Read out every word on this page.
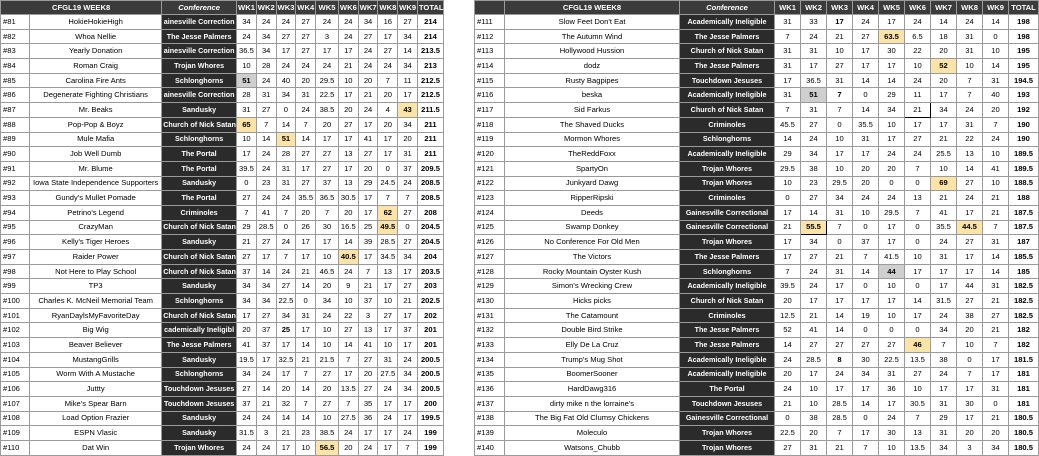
CFGL19 WEEK8		Conference	WK1	WK2	WK3	WK4	WK5	WK6	WK7	WK8	WK9	TOTAL
#81	HokieHokieHigh	ainesville Correction	34	24	24	27	24	24	34	16	27	214
#82	Whoa Nellie	The Jesse Palmers	24	34	27	27	3	24	27	17	34	214
#83	Yearly Donation	ainesville Correction	36.5	34	17	27	17	17	24	27	14	213.5
#84	Roman Craig	Trojan Whores	10	28	24	24	24	21	24	24	34	213
#85	Carolina Fire Ants	Schlonghorns	51	24	40	20	29.5	10	20	7	11	212.5
#86	Degenerate Fighting Christians	ainesville Correction	28	31	34	31	22.5	17	21	20	17	212.5
#87	Mr. Beaks	Sandusky	31	27	0	24	38.5	20	24	4	43	211.5
#88	Pop-Pop & Boyz	Church of Nick Satan	65	7	14	7	20	27	17	20	34	211
#89	Mule Mafia	Schlonghorns	10	14	51	14	17	17	41	17	20	211
#90	Job Well Dumb	The Portal	17	24	28	27	27	13	27	17	31	211
#91	Mr. Blume	The Portal	39.5	24	31	17	27	17	20	0	37	209.5
#92	Iowa State Independence Supporters	Sandusky	0	23	31	27	37	13	29	24.5	24	208.5
#93	Gundy's Mullet Pomade	The Portal	27	24	24	35.5	36.5	30.5	17	7	7	208.5
#94	Petrino's Legend	Criminoles	7	41	7	20	7	20	17	62	27	208
#95	CrazyMan	Church of Nick Satan	29	28.5	0	26	30	16.5	25	49.5	0	204.5
#96	Kelly's Tiger Heroes	Sandusky	21	27	24	17	17	14	39	28.5	27	204.5
#97	Raider Power	Church of Nick Satan	27	17	7	17	10	40.5	17	34.5	34	204
#98	Not Here to Play School	Church of Nick Satan	37	14	24	21	46.5	24	7	13	17	203.5
#99	TP3	Sandusky	34	34	27	14	20	9	21	17	27	203
#100	Charles K. McNeil Memorial Team	Schlonghorns	34	34	22.5	0	34	10	37	10	21	202.5
#101	RyanDaylsMyFavoriteDay	Church of Nick Satan	17	27	34	31	24	22	3	27	17	202
#102	Big Wig	cademically Ineligibl	20	37	25	17	10	27	13	17	37	201
#103	Beaver Believer	The Jesse Palmers	41	37	17	14	10	14	41	10	17	201
#104	MustangGrills	Sandusky	19.5	17	32.5	21	21.5	7	27	31	24	200.5
#105	Worm With A Mustache	Schlonghorns	34	24	17	7	27	17	20	27.5	34	200.5
#106	Juttty	Touchdown Jesuses	27	14	20	14	20	13.5	27	24	34	200.5
#107	Mike's Spear Barn	Touchdown Jesuses	37	21	32	7	27	7	35	17	17	200
#108	Load Option Frazier	Sandusky	24	24	14	14	10	27.5	36	24	17	199.5
#109	ESPN Vlasic	Sandusky	31.5	3	21	23	38.5	24	17	17	24	199
#110	Dat Win	Trojan Whores	24	24	17	10	56.5	20	24	17	7	199
	CFGL19 WEEK8	Conference	WK1	WK2	WK3	WK4	WK5	WK6	WK7	WK8	WK9	TOTAL
#111	Slow Feet Don't Eat	Academically Ineligible	31	33	17	24	17	24	14	24	14	198
#112	The Autumn Wind	The Jesse Palmers	7	24	21	27	63.5	6.5	18	31	0	198
#113	Hollywood Hussion	Church of Nick Satan	31	31	10	17	30	22	20	31	10	195
#114	dodz	The Jesse Palmers	31	17	27	17	17	10	52	10	14	195
#115	Rusty Bagpipes	Touchdown Jesuses	17	36.5	31	14	14	24	20	7	31	194.5
#116	beska	Academically Ineligible	31	51	7	0	29	11	17	7	40	193
#117	Sid Farkus	Church of Nick Satan	7	31	7	14	34	21	34	24	20	192
#118	The Shaved Ducks	Criminoles	45.5	27	0	35.5	10	17	17	31	7	190
#119	Mormon Whores	Schlonghorns	14	24	10	31	17	27	21	22	24	190
#120	TheReddFoxx	Academically Ineligible	29	34	17	17	24	24	25.5	13	10	189.5
#121	SpartyOn	Trojan Whores	29.5	38	10	20	20	7	10	14	41	189.5
#122	Junkyard Dawg	Trojan Whores	10	23	29.5	20	0	0	69	27	10	188.5
#123	RipperRipski	Criminoles	0	27	34	24	24	13	21	24	21	188
#124	Deeds	Gainesville Correctional	17	14	31	10	29.5	7	41	17	21	187.5
#125	Swamp Donkey	Gainesville Correctional	21	55.5	7	0	17	0	35.5	44.5	7	187.5
#126	No Conference For Old Men	Trojan Whores	17	34	0	37	17	0	24	27	31	187
#127	The Victors	The Jesse Palmers	17	27	21	7	41.5	10	31	17	14	185.5
#128	Rocky Mountain Oyster Kush	Schlonghorns	7	24	31	14	44	17	17	17	14	185
#129	Simon's Wrecking Crew	Academically Ineligible	39.5	24	17	0	10	0	17	44	31	182.5
#130	Hicks picks	Church of Nick Satan	20	17	17	17	17	14	31.5	27	21	182.5
#131	The Catamount	Criminoles	12.5	21	14	19	10	17	24	38	27	182.5
#132	Double Bird Strike	The Jesse Palmers	52	41	14	0	0	0	34	20	21	182
#133	Elly De La Cruz	The Jesse Palmers	14	27	27	27	27	46	7	10	7	182
#134	Trump's Mug Shot	Academically Ineligible	24	28.5	8	30	22.5	13.5	38	0	17	181.5
#135	BoomerSooner	Academically Ineligible	20	17	24	34	31	27	24	7	17	181
#136	HardDawg316	The Portal	24	10	17	17	36	10	17	17	31	181
#137	dirty mike n the lorraine's	Touchdown Jesuses	21	10	28.5	14	17	30.5	31	30	0	181
#138	The Big Fat Old Clumsy Chickens	Gainesville Correctional	0	38	28.5	0	24	7	29	17	21	180.5
#139	Moleculo	Trojan Whores	22.5	20	7	17	30	13	31	20	20	180.5
#140	Watsons_Chubb	Trojan Whores	27	31	21	7	10	13.5	34	3	34	180.5
